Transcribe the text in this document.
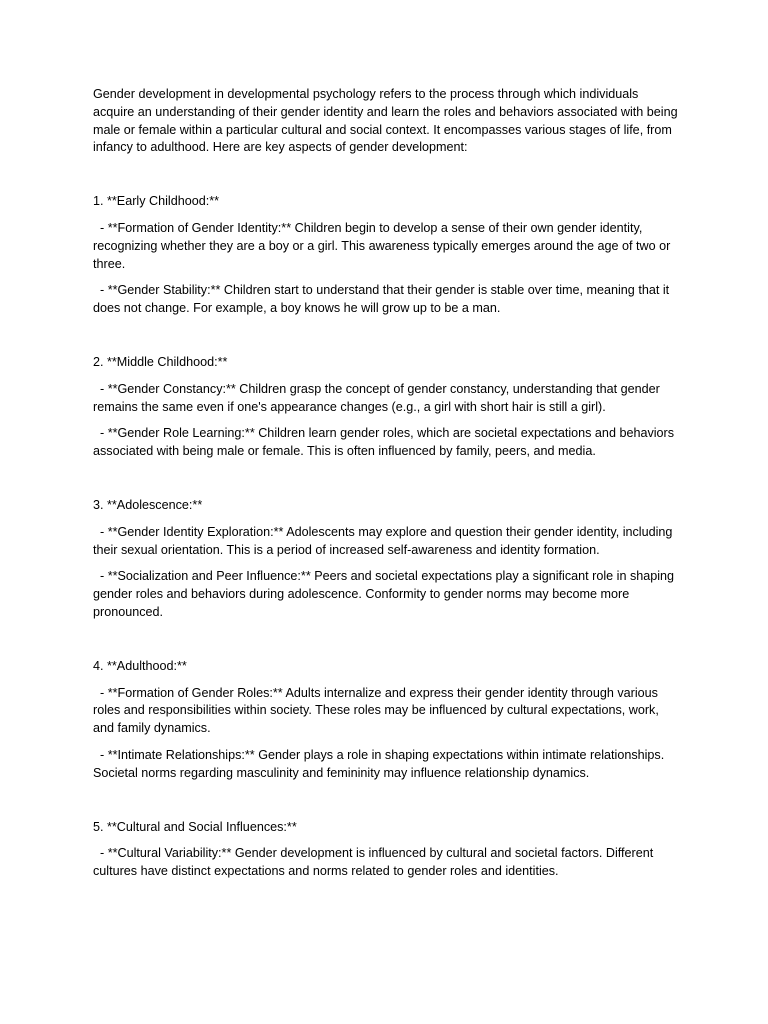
Gender development in developmental psychology refers to the process through which individuals acquire an understanding of their gender identity and learn the roles and behaviors associated with being male or female within a particular cultural and social context. It encompasses various stages of life, from infancy to adulthood. Here are key aspects of gender development:

1. **Early Childhood:**

- **Formation of Gender Identity:** Children begin to develop a sense of their own gender identity, recognizing whether they are a boy or a girl. This awareness typically emerges around the age of two or three.

- **Gender Stability:** Children start to understand that their gender is stable over time, meaning that it does not change. For example, a boy knows he will grow up to be a man.

2. **Middle Childhood:**

- **Gender Constancy:** Children grasp the concept of gender constancy, understanding that gender remains the same even if one's appearance changes (e.g., a girl with short hair is still a girl).

- **Gender Role Learning:** Children learn gender roles, which are societal expectations and behaviors associated with being male or female. This is often influenced by family, peers, and media.

3. **Adolescence:**

- **Gender Identity Exploration:** Adolescents may explore and question their gender identity, including their sexual orientation. This is a period of increased self-awareness and identity formation.

- **Socialization and Peer Influence:** Peers and societal expectations play a significant role in shaping gender roles and behaviors during adolescence. Conformity to gender norms may become more pronounced.

4. **Adulthood:**

- **Formation of Gender Roles:** Adults internalize and express their gender identity through various roles and responsibilities within society. These roles may be influenced by cultural expectations, work, and family dynamics.

- **Intimate Relationships:** Gender plays a role in shaping expectations within intimate relationships. Societal norms regarding masculinity and femininity may influence relationship dynamics.

5. **Cultural and Social Influences:**

- **Cultural Variability:** Gender development is influenced by cultural and societal factors. Different cultures have distinct expectations and norms related to gender roles and identities.
